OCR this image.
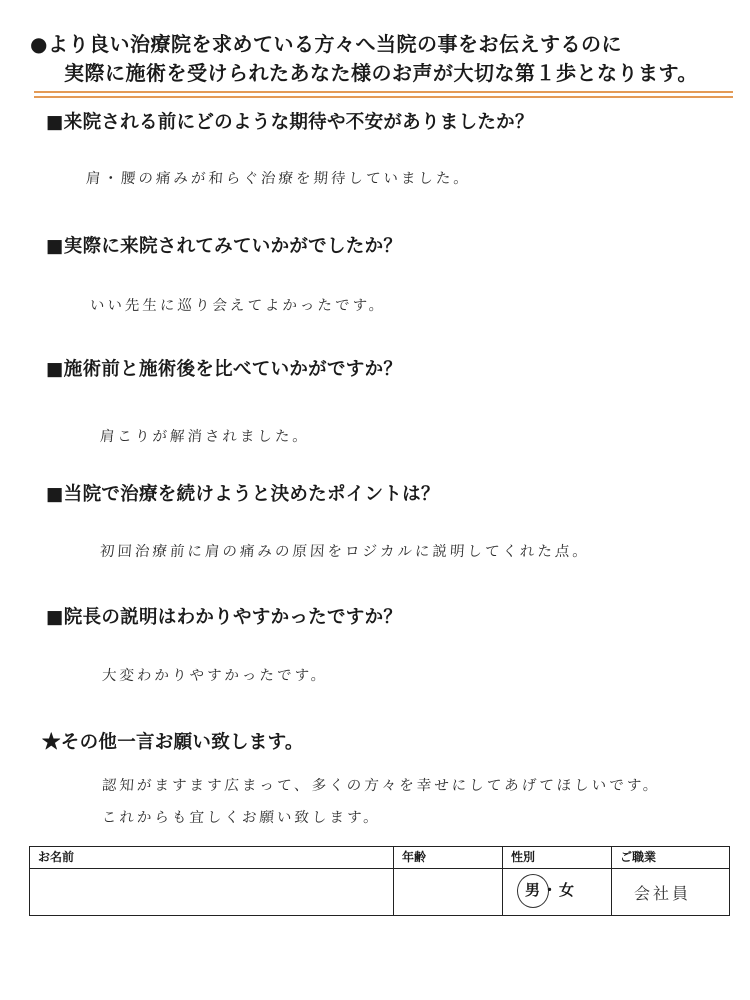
●より良い治療院を求めている方々へ当院の事をお伝えするのに
実際に施術を受けられたあなた様のお声が大切な第１歩となります。
■来院される前にどのような期待や不安がありましたか？
肩・腰の痛みが和らぐ治療を期待していました。
■実際に来院されてみていかがでしたか？
いい先生に巡り会えてよかったです。
■施術前と施術後を比べていかがですか？
肩こりが解消されました。
■当院で治療を続けようと決めたポイントは？
初回治療前に肩の痛みの原因をロジカルに説明してくれた点。
■院長の説明はわかりやすかったですか？
大変わかりやすかったです。
★その他一言お願い致します。
認知がますます広まって、多くの方々を幸せにしてあげてほしいです。
これからも宜しくお願い致します。
お名前	年齢	性別	ご職業

		男・女	会社員
